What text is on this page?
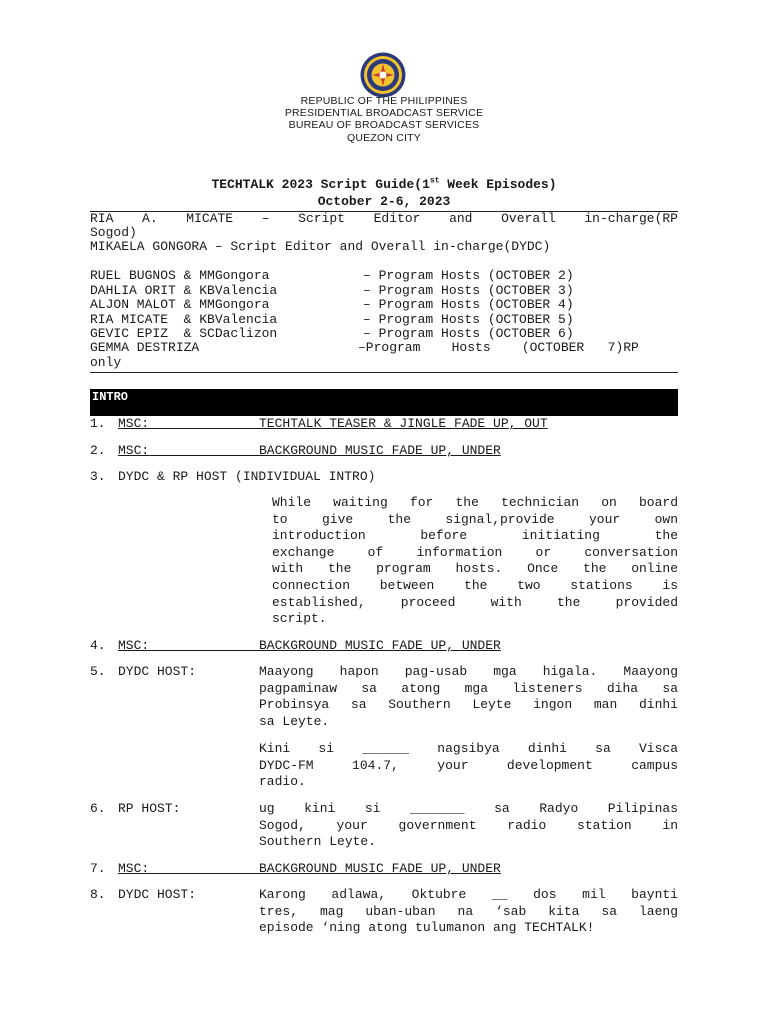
REPUBLIC OF THE PHILIPPINES
PRESIDENTIAL BROADCAST SERVICE
BUREAU OF BROADCAST SERVICES
QUEZON CITY
TECHTALK 2023 Script Guide(1st Week Episodes)
October 2-6, 2023
RIA A. MICATE – Script Editor and Overall in-charge(RP
Sogod)
MIKAELA GONGORA – Script Editor and Overall in-charge(DYDC)
RUEL BUGNOS & MMGongora	– Program Hosts (OCTOBER 2)
DAHLIA ORIT & KBValencia	– Program Hosts (OCTOBER 3)
ALJON MALOT & MMGongora	– Program Hosts (OCTOBER 4)
RIA MICATE  & KBValencia	– Program Hosts (OCTOBER 5)
GEVIC EPIZ  & SCDaclizon	– Program Hosts (OCTOBER 6)
GEMMA DESTRIZA	–Program    Hosts    (OCTOBER   7)RP
only
INTRO
1. MSC:	TECHTALK TEASER & JINGLE FADE UP, OUT
2. MSC:	BACKGROUND MUSIC FADE UP, UNDER
3. DYDC & RP HOST (INDIVIDUAL INTRO)
While waiting for the technician on board
to give the signal,provide your own
introduction before initiating the
exchange of information or conversation
with the program hosts. Once the online
connection between the two stations is
established, proceed with the provided
script.
4. MSC:	BACKGROUND MUSIC FADE UP, UNDER
5. DYDC HOST:	Maayong hapon pag-usab mga higala. Maayong
pagpaminaw sa atong mga listeners diha sa
Probinsya sa Southern Leyte ingon man dinhi
sa Leyte.
Kini si ______ nagsibya dinhi sa Visca
DYDC-FM 104.7, your development campus
radio.
6. RP HOST:	ug kini si _______ sa Radyo Pilipinas
Sogod, your government radio station in
Southern Leyte.
7. MSC:	BACKGROUND MUSIC FADE UP, UNDER
8. DYDC HOST:	Karong adlawa, Oktubre __ dos mil baynti
tres, mag uban-uban na ‘sab kita sa laeng
episode ‘ning atong tulumanon ang TECHTALK!
